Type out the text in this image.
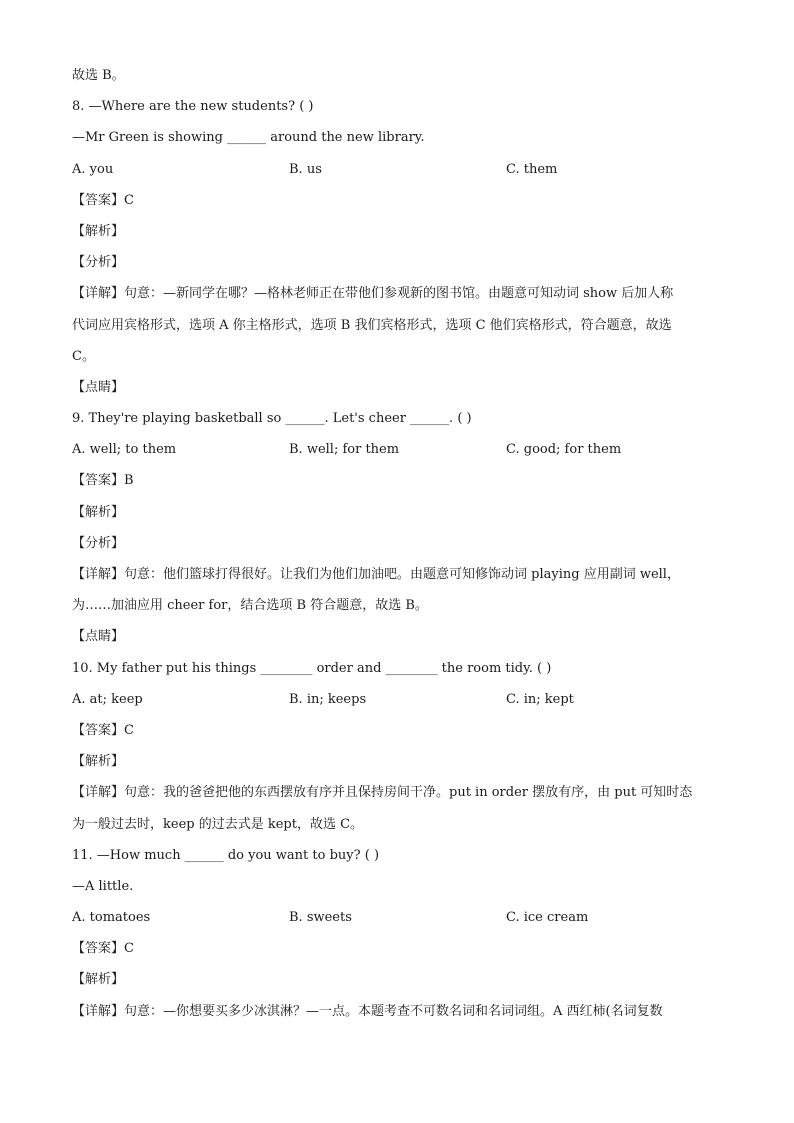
故选 B。
8. —Where are the new students? ( )
—Mr Green is showing ______ around the new library.
A. you	B. us	C. them
【答案】C
【解析】
【分析】
【详解】句意：—新同学在哪？—格林老师正在带他们参观新的图书馆。由题意可知动词 show 后加人称
代词应用宾格形式，选项 A 你主格形式，选项 B 我们宾格形式，选项 C 他们宾格形式，符合题意，故选
C。
【点睛】
9. They're playing basketball so ______. Let's cheer ______. ( )
A. well; to them	B. well; for them	C. good; for them
【答案】B
【解析】
【分析】
【详解】句意：他们篮球打得很好。让我们为他们加油吧。由题意可知修饰动词 playing 应用副词 well，
为……加油应用 cheer for，结合选项 B 符合题意，故选 B。
【点睛】
10. My father put his things ________ order and ________ the room tidy. ( )
A. at; keep	B. in; keeps	C. in; kept
【答案】C
【解析】
【详解】句意：我的爸爸把他的东西摆放有序并且保持房间干净。put in order 摆放有序，由 put 可知时态
为一般过去时，keep 的过去式是 kept，故选 C。
11. —How much ______ do you want to buy? ( )
—A little.
A. tomatoes	B. sweets	C. ice cream
【答案】C
【解析】
【详解】句意：—你想要买多少冰淇淋？—一点。本题考查不可数名词和名词词组。A 西红柿(名词复数
